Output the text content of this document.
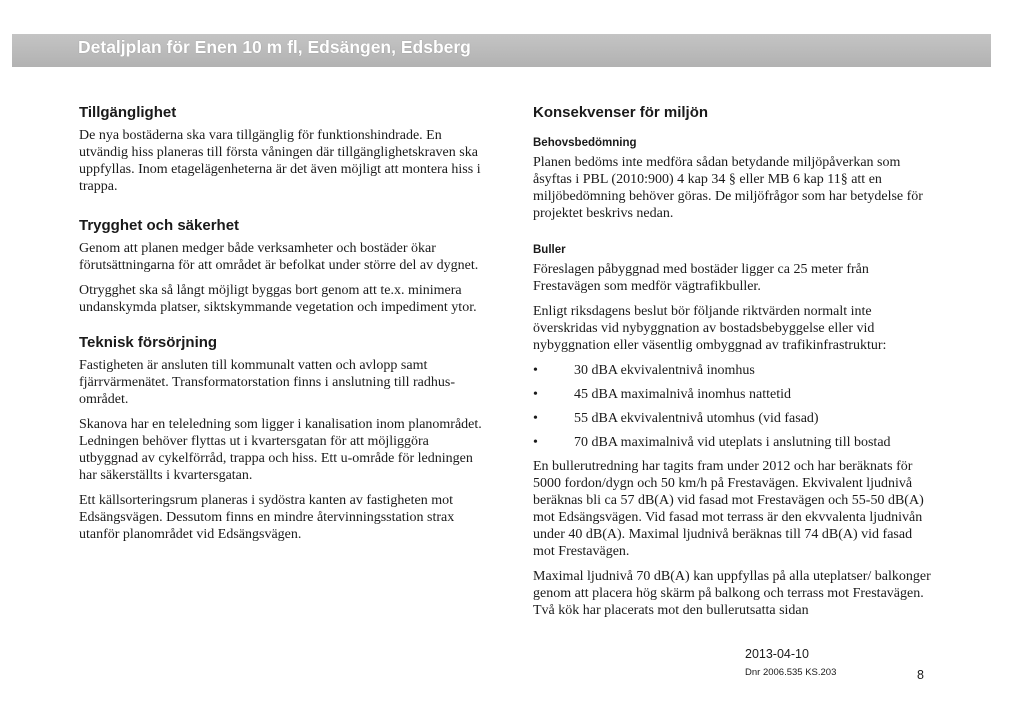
Detaljplan för Enen 10 m fl, Edsängen, Edsberg
Tillgänglighet

De nya bostäderna ska vara tillgänglig för funktionshindrade. En utvändig hiss planeras till första våningen där tillgänglighetskraven ska uppfyllas. Inom etagelägenheterna är det även möjligt att montera hiss i trappa.

Trygghet och säkerhet

Genom att planen medger både verksamheter och bostäder ökar förutsättningarna för att området är befolkat under större del av dygnet.

Otrygghet ska så långt möjligt byggas bort genom att te.x. minimera undanskymda platser, siktskymmande vegetation och impediment ytor.

Teknisk försörjning

Fastigheten är ansluten till kommunalt vatten och avlopp samt fjärrvärmenätet. Transformatorstation finns i anslutning till radhus-området.

Skanova har en teleledning som ligger i kanalisation inom planområdet. Ledningen behöver flyttas ut i kvartersgatan för att möjliggöra utbyggnad av cykelförråd, trappa och hiss. Ett u-område för ledningen har säkerställts i kvartersgatan.

Ett källsorteringsrum planeras i sydöstra kanten av fastigheten mot Edsängsvägen. Dessutom finns en mindre återvinningsstation strax utanför planområdet vid Edsängsvägen.

Konsekvenser för miljön
Behovsbedömning

Planen bedöms inte medföra sådan betydande miljöpåverkan som åsyftas i PBL (2010:900) 4 kap 34 § eller MB 6 kap 11§ att en miljöbedömning behöver göras. De miljöfrågor som har betydelse för projektet beskrivs nedan.

Buller

Föreslagen påbyggnad med bostäder ligger ca 25 meter från Frestavägen som medför vägtrafikbuller.

Enligt riksdagens beslut bör följande riktvärden normalt inte överskridas vid nybyggnation av bostadsbebyggelse eller vid nybyggnation eller väsentlig ombyggnad av trafikinfrastruktur:

•	30 dBA ekvivalentnivå inomhus
•	45 dBA maximalnivå inomhus nattetid
•	55 dBA ekvivalentnivå utomhus (vid fasad)
•	70 dBA maximalnivå vid uteplats i anslutning till bostad

En bullerutredning har tagits fram under 2012 och har beräknats för 5000 fordon/dygn och 50 km/h på Frestavägen. Ekvivalent ljudnivå beräknas bli ca 57 dB(A) vid fasad mot Frestavägen och 55-50 dB(A) mot Edsängsvägen. Vid fasad mot terrass är den ekvvalenta ljudnivån under 40 dB(A). Maximal ljudnivå beräknas till 74 dB(A) vid fasad mot Frestavägen.

Maximal ljudnivå 70 dB(A) kan uppfyllas på alla uteplatser/ balkonger genom att placera hög skärm på balkong och terrass mot Frestavägen. Två kök har placerats mot den bullerutsatta sidan

2013-04-10
Dnr 2006.535 KS.203	8
